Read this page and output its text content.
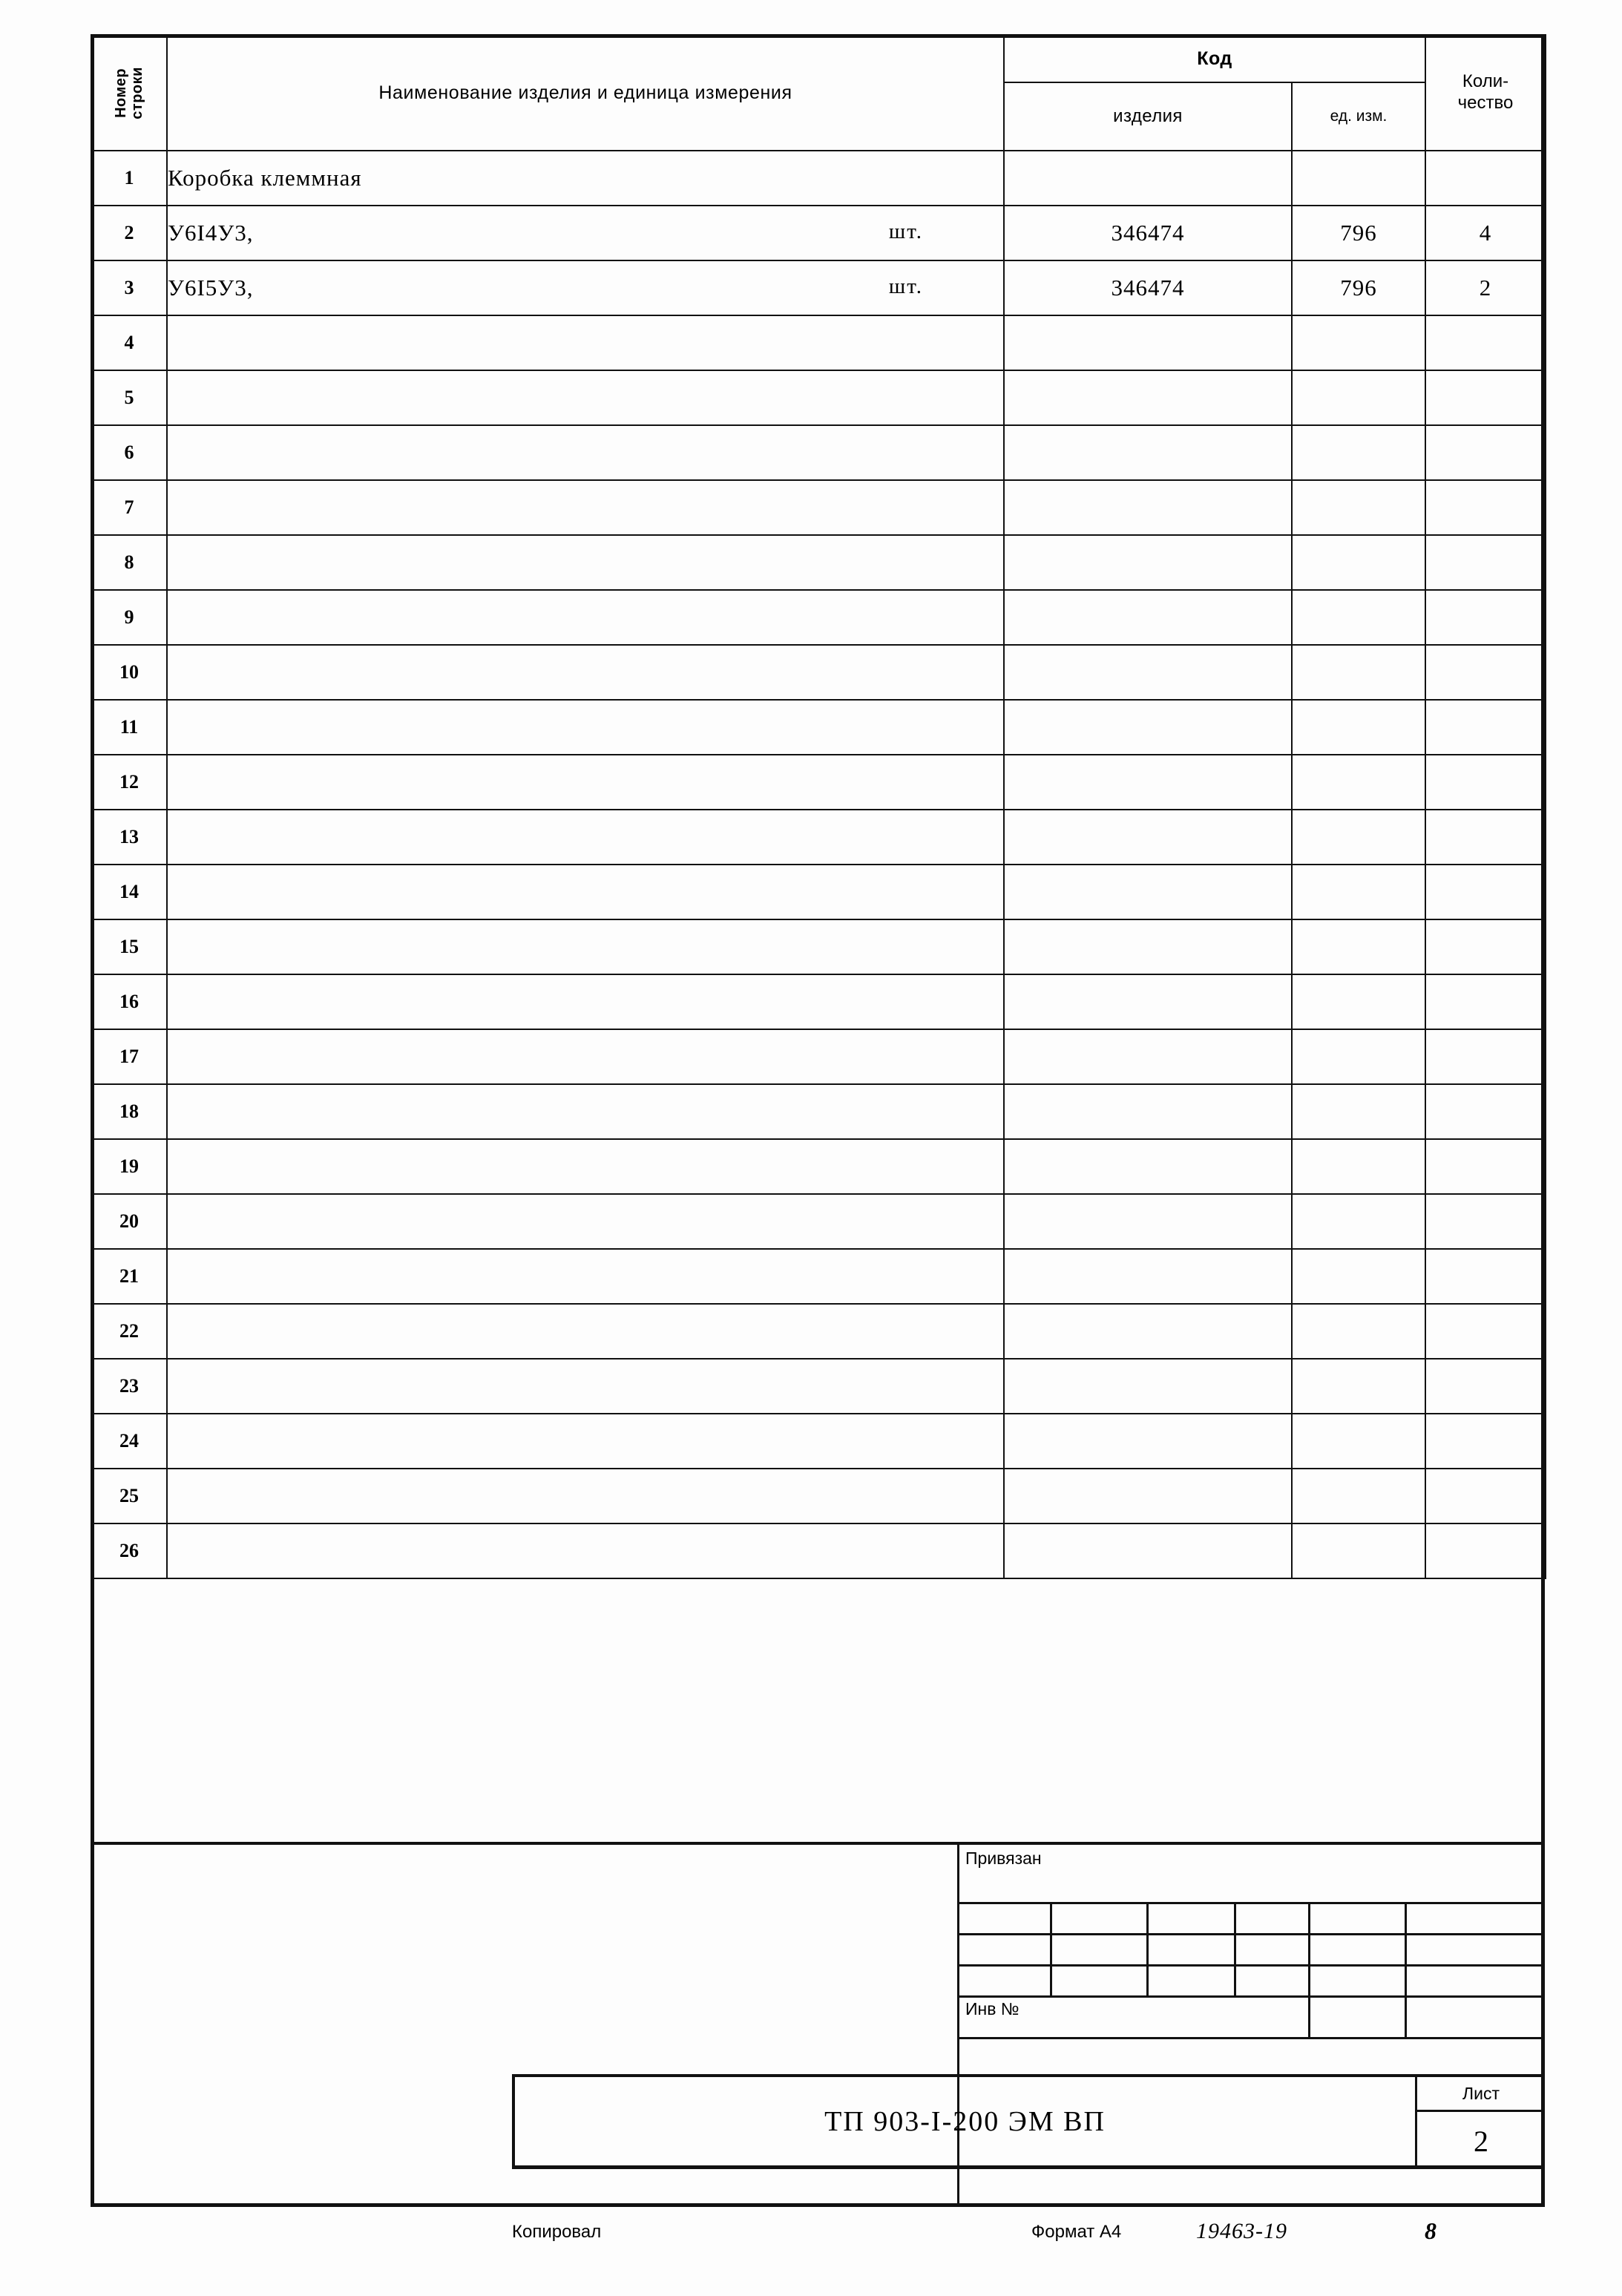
Номер
строки	Наименование изделия и единица измерения	Код		Коли-
чество
		изделия	ед. изм.	
1	Коробка клеммная

2	У6I4У3, шт.	346474	796	4
3	У6I5У3, шт.	346474	796	2
4	

5	

6	

7	

8	

9	

10	

11	

12	

13	

14	

15	

16	

17	

18	

19	

20	

21	

22	

23	

24	

25	

26	

Привязан
Инв №
ТП 903-I-200 ЭМ ВП
Лист
2
Копировал	Формат А4	19463-19	8
